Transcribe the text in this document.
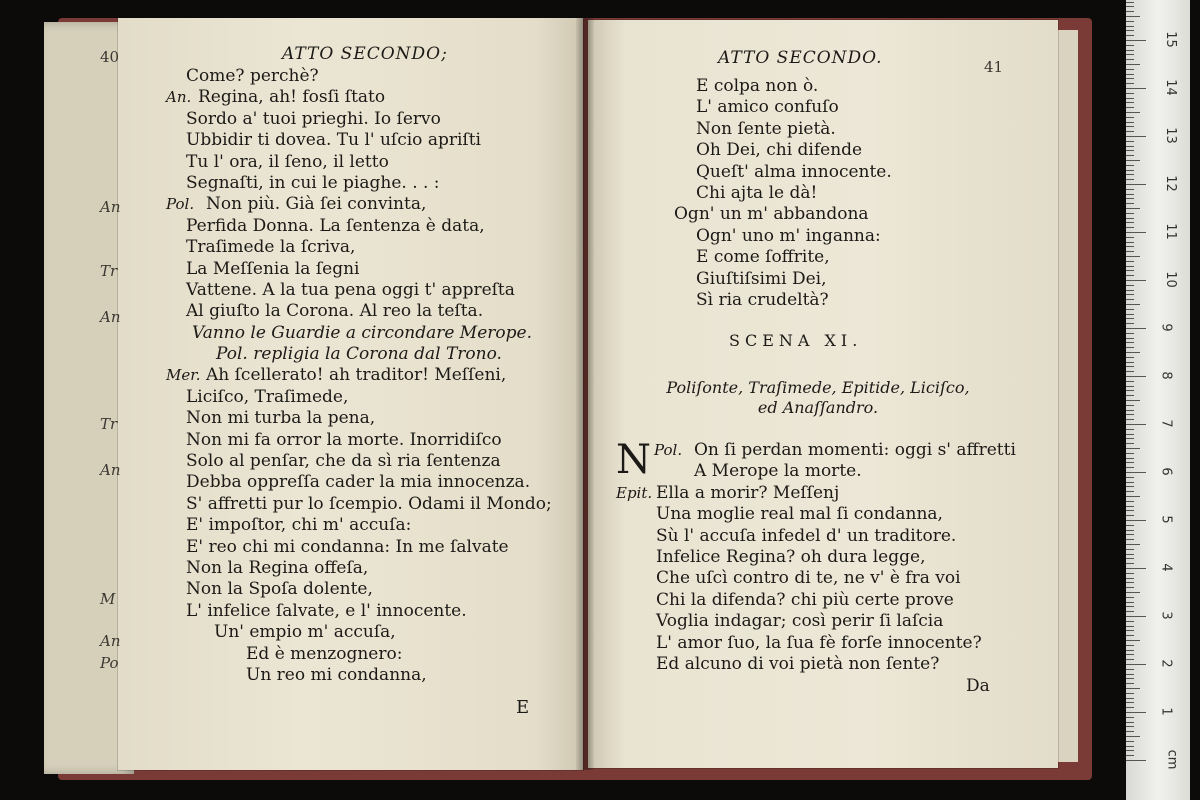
40	ATTO SECONDO;
Come? perchè?
An. Regina, ah! fosſi ſtato
Sordo a' tuoi prieghi. Io ſervo
Ubbidir ti dovea. Tu l' uſcio apriſti
Tu l' ora, il ſeno, il letto
Segnaſti, in cui le piaghe. . . :
Pol. Non più. Già ſei convinta,
Perfida Donna. La ſentenza è data,
Traſimede la ſcriva,
La Meſſenia la ſegni
Vattene. A la tua pena oggi t' appreſta
Al giuſto la Corona. Al reo la teſta.
Vanno le Guardie a circondare Merope.
Pol. repligia la Corona dal Trono.
Mer. Ah ſcellerato! ah traditor! Meſſeni,
Liciſco, Traſimede,
Non mi turba la pena,
Non mi fa orror la morte. Inorridiſco
Solo al penſar, che da sì ria ſentenza
Debba oppreſſa cader la mia innocenza.
S' affretti pur lo ſcempio. Odami il Mondo;
E' impoſtor, chi m' accuſa:
E' reo chi mi condanna: In me ſalvate
Non la Regina offeſa,
Non la Spoſa dolente,
L' infelice ſalvate, e l' innocente.
Un' empio m' accuſa,
Ed è menzognero:
Un reo mi condanna,
E
An
Tr
An
Tr
An
M
An
Po
ATTO SECONDO.	41
E colpa non ò.
L' amico confuſo
Non ſente pietà.
Oh Dei, chi difende
Queſt' alma innocente.
Chi ajta le dà!
Ogn' un m' abbandona
Ogn' uno m' inganna:
E come ſoffrite,
Giuſtiſsimi Dei,
Sì ria crudeltà?
SCENA XI.
Poliſonte, Traſimede, Epitide, Liciſco,
ed Anaſſandro.
Pol.
N	On ſi perdan momenti: oggi s' affretti
A Merope la morte.
Epit. Ella a morir? Meſſenj
Una moglie real mal ſi condanna,
Sù l' accuſa infedel d' un traditore.
Infelice Regina? oh dura legge,
Che uſcì contro di te, ne v' è fra voi
Chi la difenda? chi più certe prove
Voglia indagar; così perir ſi laſcia
L' amor ſuo, la ſua fè forſe innocente?
Ed alcuno di voi pietà non ſente?
Da
cm
1
2
3
4
5
6
7
8
9
10
11
12
13
14
15
